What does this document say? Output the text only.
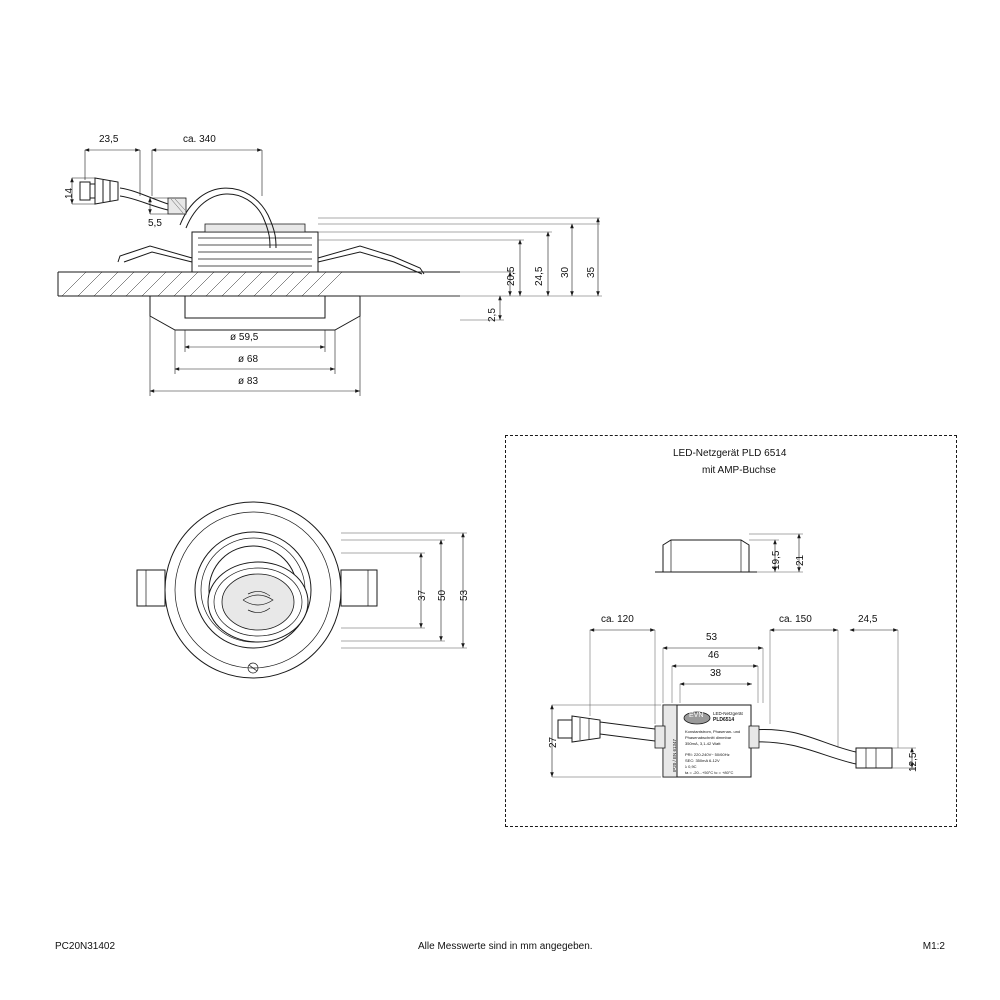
23,5	ca. 340
14
5,5
20,5 24,5 30 35
2,5
ø 59,5
ø 68
ø 83
37 50 53
LED-Netzgerät PLD 6514
mit AMP-Buchse
19,5 21
ca. 120	ca. 150	24,5
53
46
38
27
12,5
EVN LED-Netzgerät
PLD6514
Konstantstrom, Phasenan- und
Phasenabschnitt dimmbar
350mA, 3,1-42 Watt
PRI: 220-240V~ 50/60Hz
SEC: 350mA 6-12V
λ 0,9C
ta = -20...+50°C tc = +80°C
IP20 / EN 61347
PC20N31402	Alle Messwerte sind in mm angegeben.	M1:2
